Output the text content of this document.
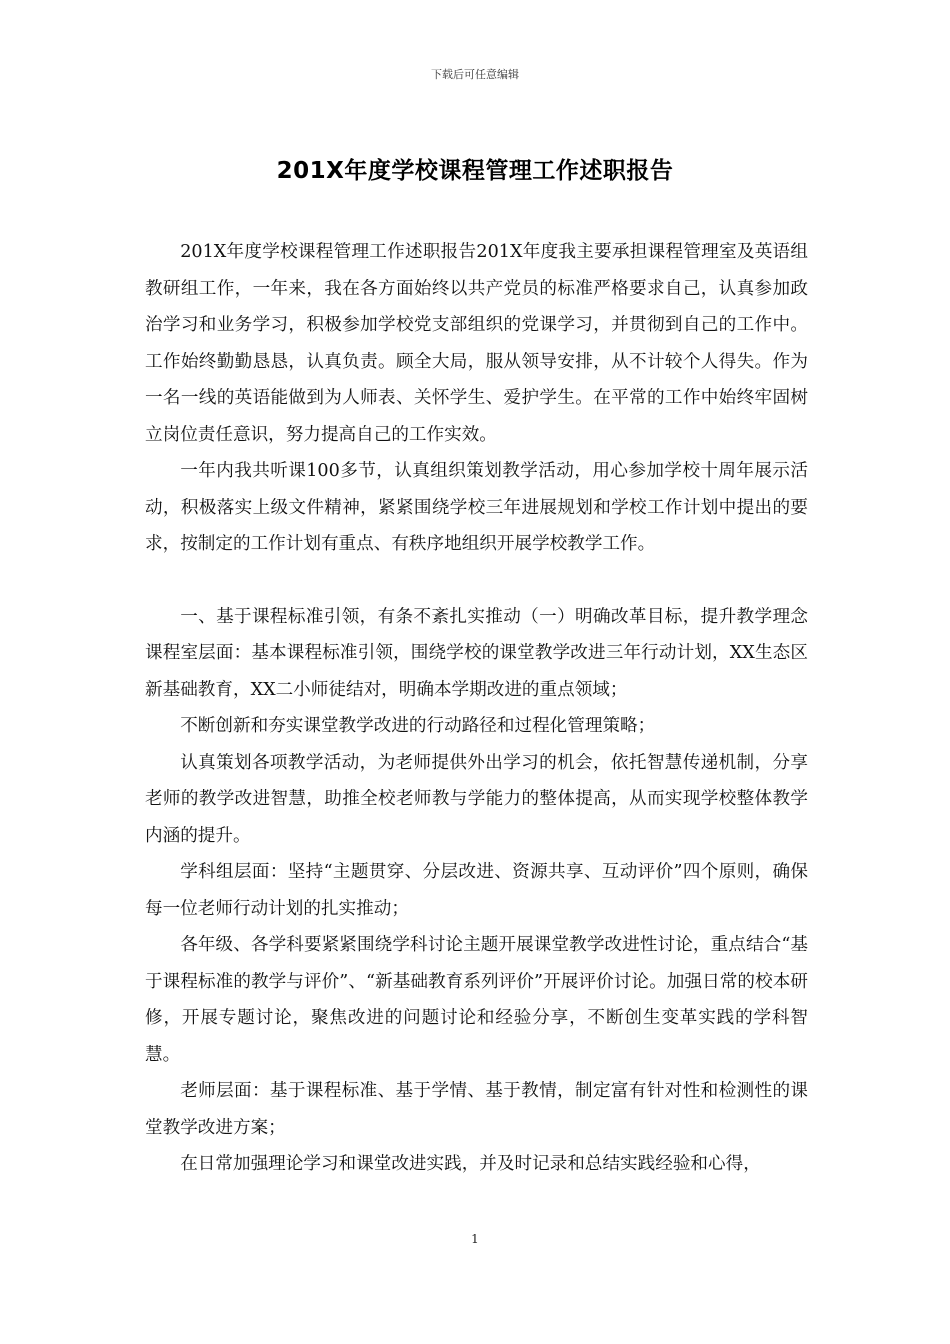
下载后可任意编辑
201X年度学校课程管理工作述职报告

201X年度学校课程管理工作述职报告201X年度我主要承担课程管理室及英语组教研组工作，一年来，我在各方面始终以共产党员的标准严格要求自己，认真参加政治学习和业务学习，积极参加学校党支部组织的党课学习，并贯彻到自己的工作中。工作始终勤勤恳恳，认真负责。顾全大局，服从领导安排，从不计较个人得失。作为一名一线的英语能做到为人师表、关怀学生、爱护学生。在平常的工作中始终牢固树立岗位责任意识，努力提高自己的工作实效。

一年内我共听课100多节，认真组织策划教学活动，用心参加学校十周年展示活动，积极落实上级文件精神，紧紧围绕学校三年进展规划和学校工作计划中提出的要求，按制定的工作计划有重点、有秩序地组织开展学校教学工作。

一、基于课程标准引领，有条不紊扎实推动（一）明确改革目标，提升教学理念课程室层面：基本课程标准引领，围绕学校的课堂教学改进三年行动计划，XX生态区新基础教育，XX二小师徒结对，明确本学期改进的重点领域；

不断创新和夯实课堂教学改进的行动路径和过程化管理策略；

认真策划各项教学活动，为老师提供外出学习的机会，依托智慧传递机制，分享老师的教学改进智慧，助推全校老师教与学能力的整体提高，从而实现学校整体教学内涵的提升。

学科组层面：坚持“主题贯穿、分层改进、资源共享、互动评价”四个原则，确保每一位老师行动计划的扎实推动；

各年级、各学科要紧紧围绕学科讨论主题开展课堂教学改进性讨论，重点结合“基于课程标准的教学与评价”、“新基础教育系列评价”开展评价讨论。加强日常的校本研修，开展专题讨论，聚焦改进的问题讨论和经验分享，不断创生变革实践的学科智慧。

老师层面：基于课程标准、基于学情、基于教情，制定富有针对性和检测性的课堂教学改进方案；

在日常加强理论学习和课堂改进实践，并及时记录和总结实践经验和心得，

1
